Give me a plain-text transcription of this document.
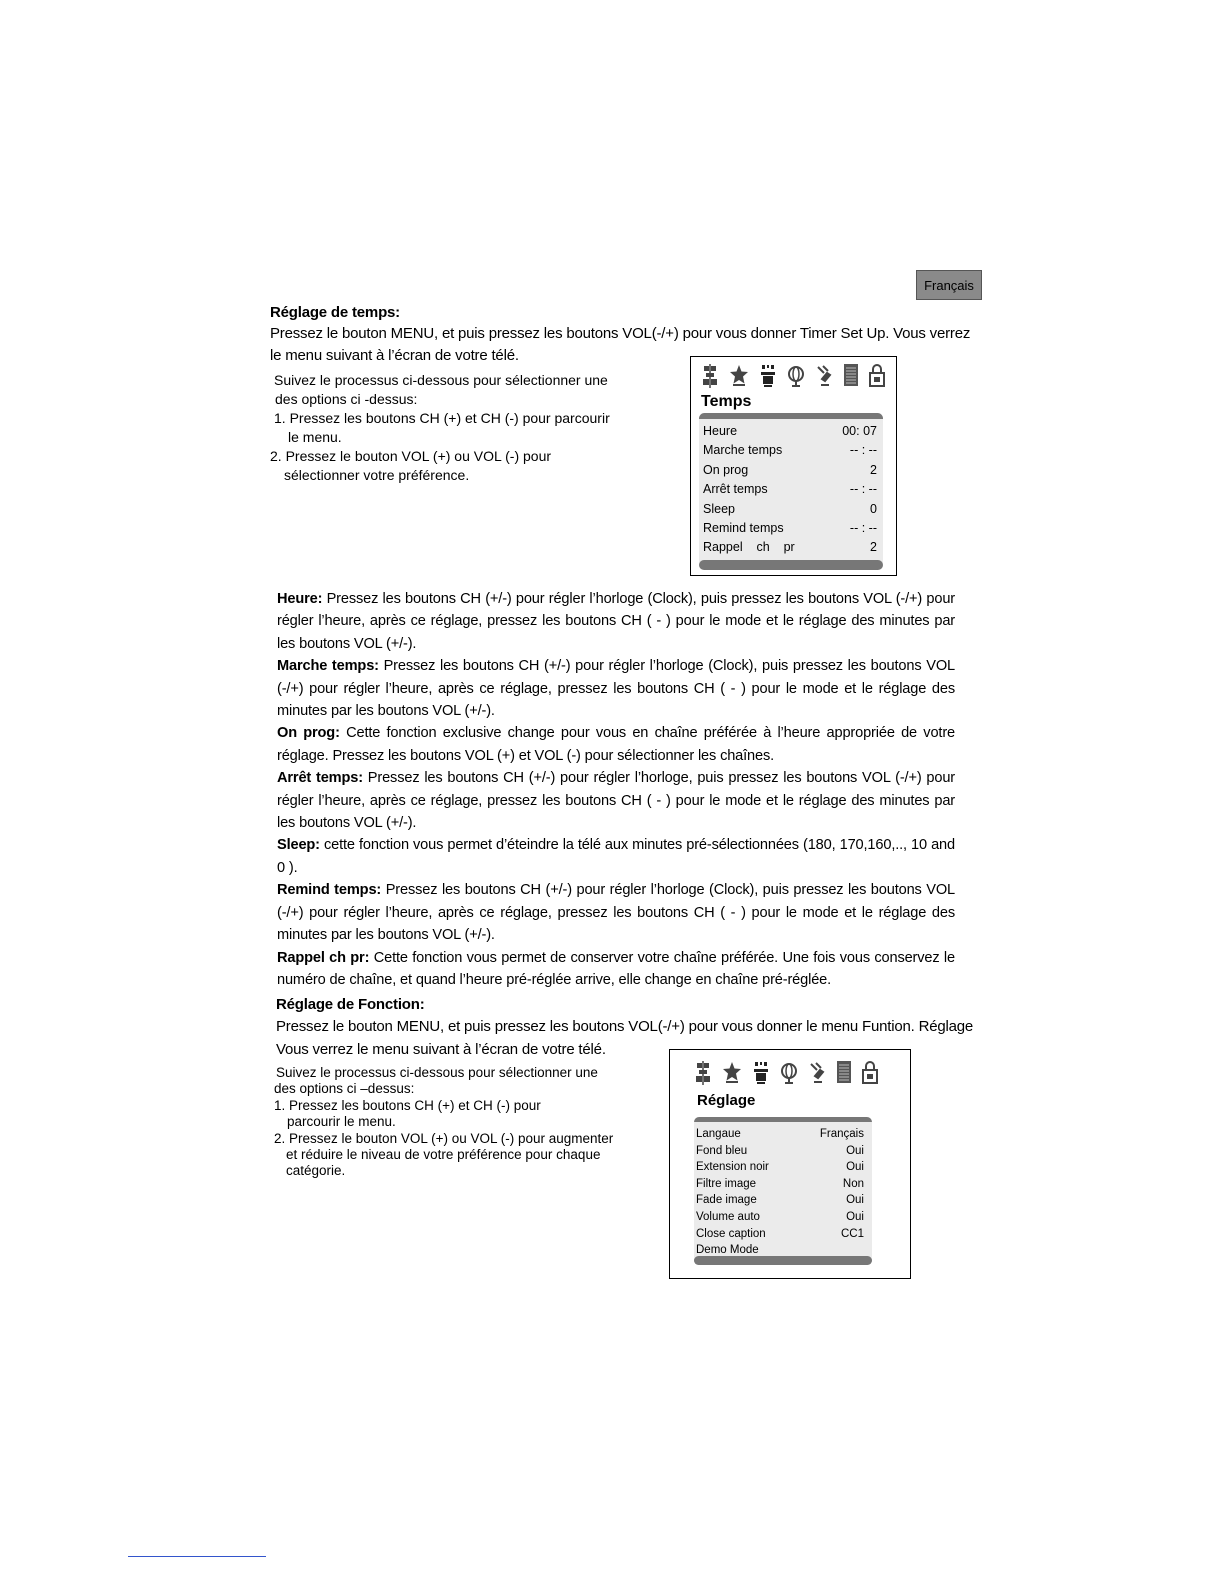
Français
Réglage de temps:
Pressez le bouton MENU, et puis pressez les boutons VOL(-/+) pour vous donner Timer Set Up. Vous verrez
le menu suivant à l’écran de votre télé.
Suivez le processus ci-dessous pour sélectionner une
des options ci -dessus:
1. Pressez les boutons CH (+) et CH (-) pour parcourir
le menu.
2. Pressez le bouton VOL (+) ou VOL (-) pour
sélectionner votre préférence.
Temps
Heure	00: 07
Marche temps	-- : --
On prog	2
Arrêt temps	-- : --
Sleep	0
Remind temps	-- : --
Rappel    ch    pr	2

Heure: Pressez les boutons CH (+/-) pour régler l’horloge (Clock), puis pressez les boutons VOL (-/+) pour régler l’heure, après ce réglage, pressez les boutons CH ( - ) pour le mode et le réglage des minutes par les boutons VOL (+/-).

Marche temps: Pressez les boutons CH (+/-) pour régler l’horloge (Clock), puis pressez les boutons VOL (-/+) pour régler l’heure, après ce réglage, pressez les boutons CH ( - ) pour le mode et le réglage des minutes par les boutons VOL (+/-).

On prog: Cette fonction exclusive change pour vous en chaîne préférée à l’heure appropriée de votre réglage. Pressez les boutons VOL (+) et VOL (-) pour sélectionner les chaînes.

Arrêt temps: Pressez les boutons CH (+/-) pour régler l’horloge, puis pressez les boutons VOL (-/+) pour régler l’heure, après ce réglage, pressez les boutons CH ( - ) pour le mode et le réglage des minutes par les boutons VOL (+/-).

Sleep: cette fonction vous permet d’éteindre la télé aux minutes pré-sélectionnées (180, 170,160,.., 10 and 0 ).

Remind temps: Pressez les boutons CH (+/-) pour régler l’horloge (Clock), puis pressez les boutons VOL (-/+) pour régler l’heure, après ce réglage, pressez les boutons CH ( - ) pour le mode et le réglage des minutes par les boutons VOL (+/-).

Rappel ch pr: Cette fonction vous permet de conserver votre chaîne préférée. Une fois vous conservez le numéro de chaîne, et quand l’heure pré-réglée arrive, elle change en chaîne pré-réglée.

Réglage de Fonction:
Pressez le bouton MENU, et puis pressez les boutons VOL(-/+) pour vous donner le menu Funtion. Réglage
Vous verrez le menu suivant à l’écran de votre télé.
Suivez le processus ci-dessous pour sélectionner une
des options ci –dessus:
1. Pressez les boutons CH (+) et CH (-) pour
parcourir le menu.
2. Pressez le bouton VOL (+) ou VOL (-) pour augmenter
et réduire le niveau de votre préférence pour chaque
catégorie.
Réglage
Langaue	Français
Fond bleu	Oui
Extension noir	Oui
Filtre image	Non
Fade image	Oui
Volume auto	Oui
Close caption	CC1
Demo Mode
